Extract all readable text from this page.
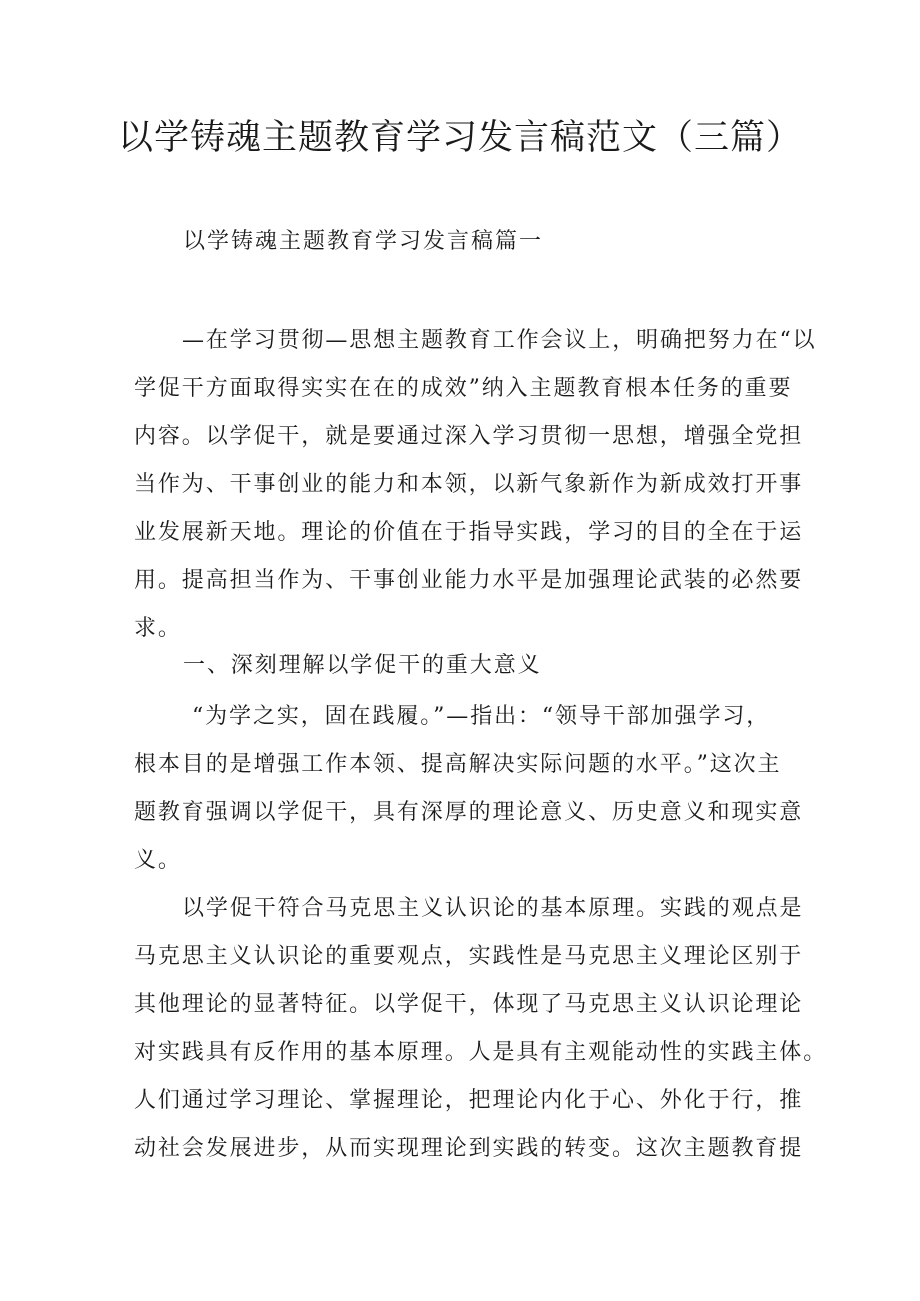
以学铸魂主题教育学习发言稿范文（三篇）
以学铸魂主题教育学习发言稿篇一
—在学习贯彻—思想主题教育工作会议上，明确把努力在“以
学促干方面取得实实在在的成效”纳入主题教育根本任务的重要
内容。以学促干，就是要通过深入学习贯彻一思想，增强全党担
当作为、干事创业的能力和本领，以新气象新作为新成效打开事
业发展新天地。理论的价值在于指导实践，学习的目的全在于运
用。提高担当作为、干事创业能力水平是加强理论武装的必然要
求。
一、深刻理解以学促干的重大意义
“为学之实，固在践履。”—指出：“领导干部加强学习，
根本目的是增强工作本领、提高解决实际问题的水平。”这次主
题教育强调以学促干，具有深厚的理论意义、历史意义和现实意
义。
以学促干符合马克思主义认识论的基本原理。实践的观点是
马克思主义认识论的重要观点，实践性是马克思主义理论区别于
其他理论的显著特征。以学促干，体现了马克思主义认识论理论
对实践具有反作用的基本原理。人是具有主观能动性的实践主体。
人们通过学习理论、掌握理论，把理论内化于心、外化于行，推
动社会发展进步，从而实现理论到实践的转变。这次主题教育提
